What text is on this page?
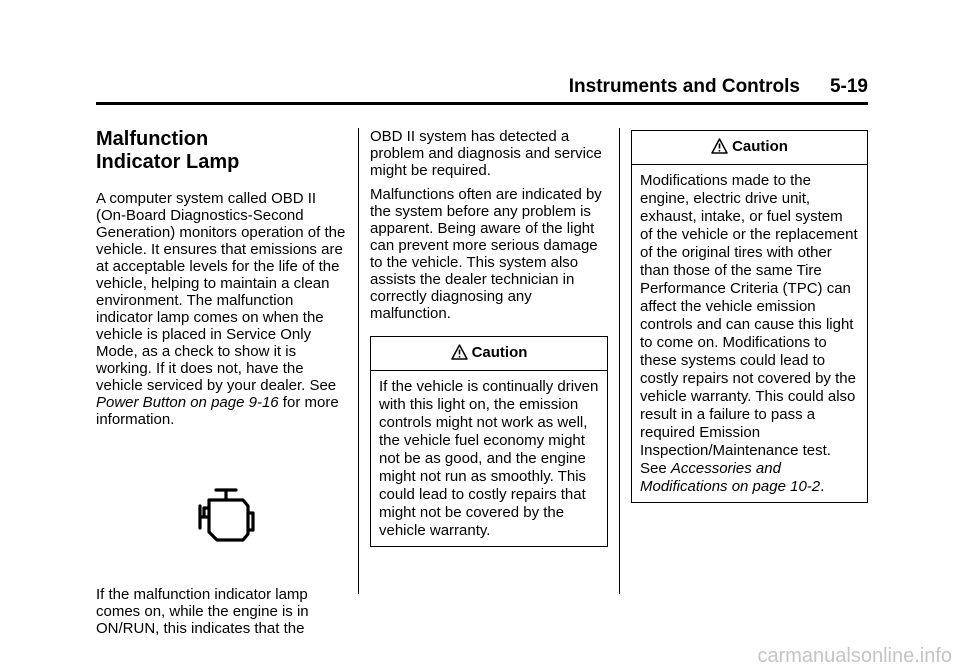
Instruments and Controls 5-19
Malfunction
Indicator Lamp

A computer system called OBD II (On-Board Diagnostics-Second Generation) monitors operation of the vehicle. It ensures that emissions are at acceptable levels for the life of the vehicle, helping to maintain a clean environment. The malfunction indicator lamp comes on when the vehicle is placed in Service Only Mode, as a check to show it is working. If it does not, have the vehicle serviced by your dealer. See Power Button on page 9-16 for more information.

If the malfunction indicator lamp comes on, while the engine is in ON/RUN, this indicates that the

OBD II system has detected a problem and diagnosis and service might be required.

Malfunctions often are indicated by the system before any problem is apparent. Being aware of the light can prevent more serious damage to the vehicle. This system also assists the dealer technician in correctly diagnosing any malfunction.

Caution
If the vehicle is continually driven with this light on, the emission controls might not work as well, the vehicle fuel economy might not be as good, and the engine might not run as smoothly. This could lead to costly repairs that might not be covered by the vehicle warranty.
Caution
Modifications made to the engine, electric drive unit, exhaust, intake, or fuel system of the vehicle or the replacement of the original tires with other than those of the same Tire Performance Criteria (TPC) can affect the vehicle emission controls and can cause this light to come on. Modifications to these systems could lead to costly repairs not covered by the vehicle warranty. This could also result in a failure to pass a required Emission Inspection/Maintenance test. See Accessories and Modifications on page 10-2.
carmanualsonline.info
